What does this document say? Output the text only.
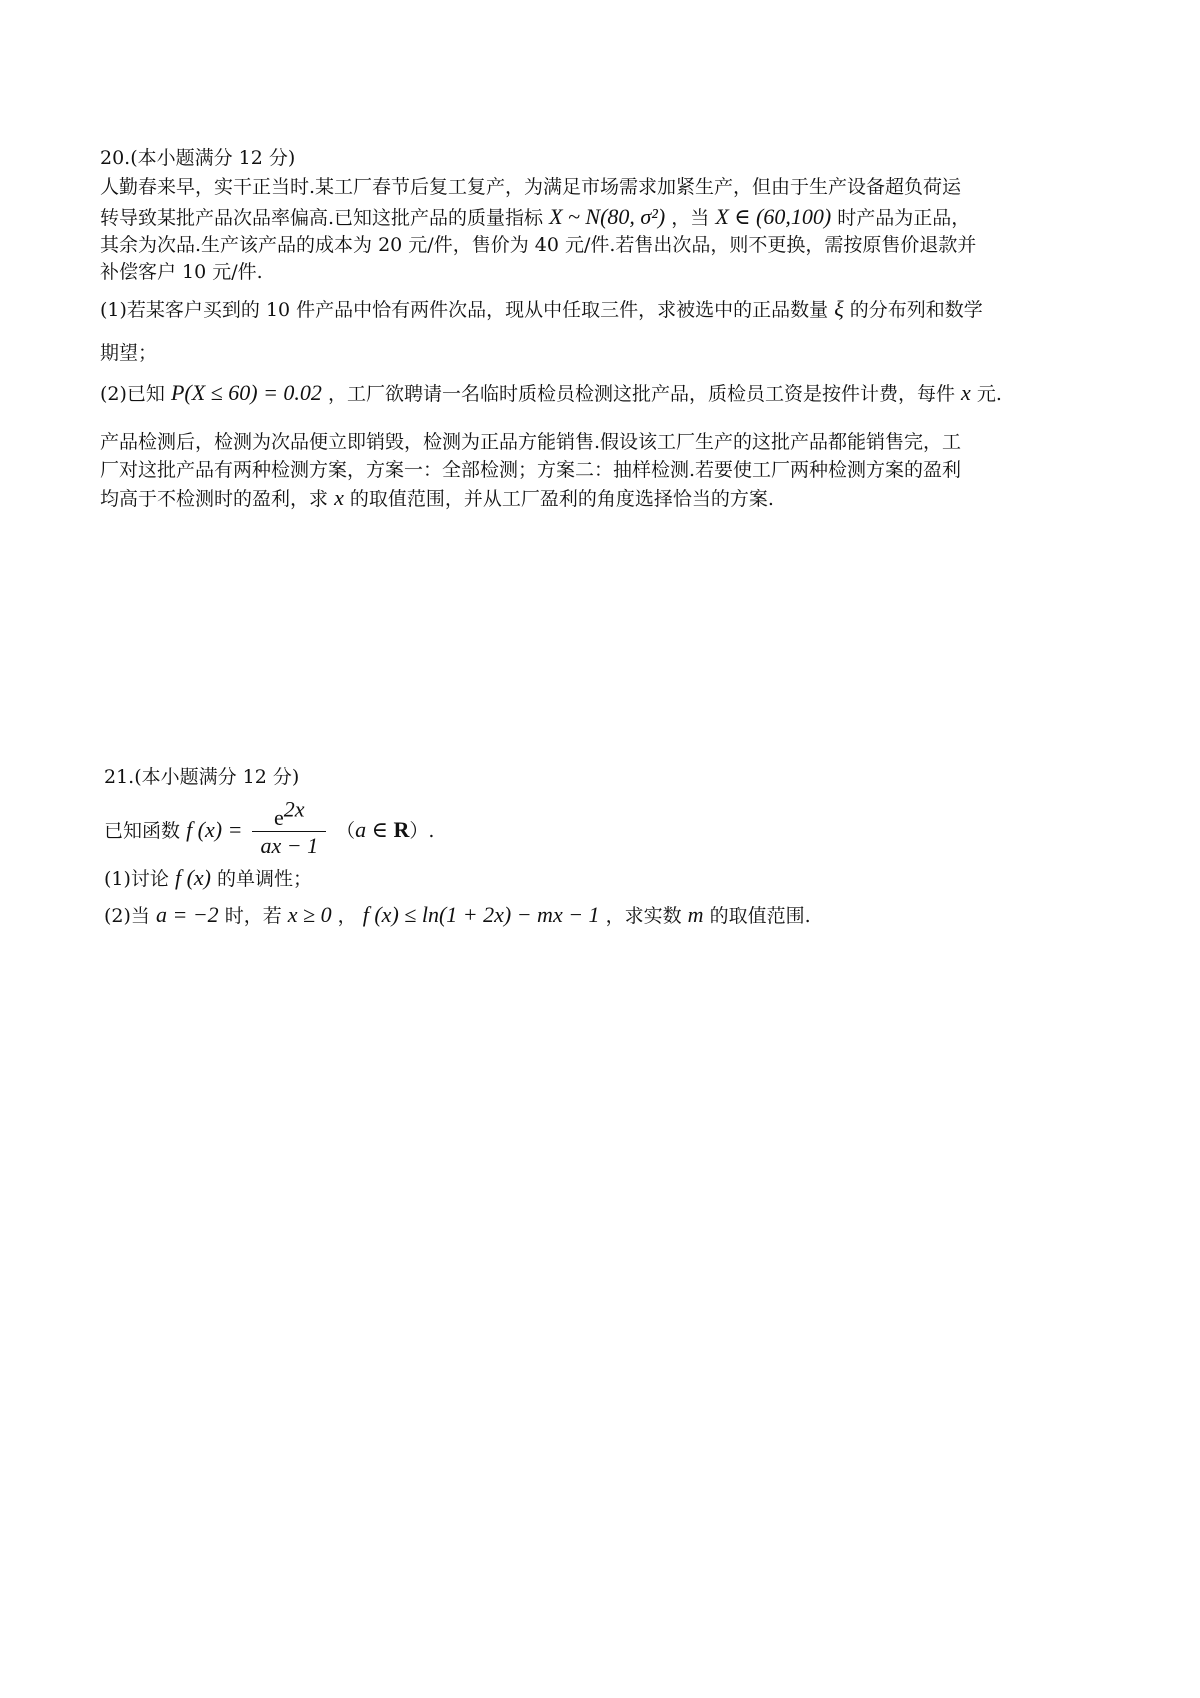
20.(本小题满分 12 分)
人勤春来早，实干正当时.某工厂春节后复工复产，为满足市场需求加紧生产，但由于生产设备超负荷运
转导致某批产品次品率偏高.已知这批产品的质量指标 X ~ N(80, σ²) ，当 X ∈ (60,100) 时产品为正品，
其余为次品.生产该产品的成本为 20 元/件，售价为 40 元/件.若售出次品，则不更换，需按原售价退款并
补偿客户 10 元/件.
(1)若某客户买到的 10 件产品中恰有两件次品，现从中任取三件，求被选中的正品数量 ξ 的分布列和数学
期望；
(2)已知 P(X ≤ 60) = 0.02 ，工厂欲聘请一名临时质检员检测这批产品，质检员工资是按件计费，每件 x 元.
产品检测后，检测为次品便立即销毁，检测为正品方能销售.假设该工厂生产的这批产品都能销售完，工
厂对这批产品有两种检测方案，方案一：全部检测；方案二：抽样检测.若要使工厂两种检测方案的盈利
均高于不检测时的盈利，求 x 的取值范围，并从工厂盈利的角度选择恰当的方案.
21.(本小题满分 12 分)
已知函数 f $(x) = \frac{e^{2x}}{ax - 1} (a$ ∈ R）.
(1)讨论 f (x) 的单调性；
(2)当 a = −2 时，若 x ≥ 0 ， f (x) ≤ ln(1 + 2x) − mx − 1 ，求实数 m 的取值范围.
